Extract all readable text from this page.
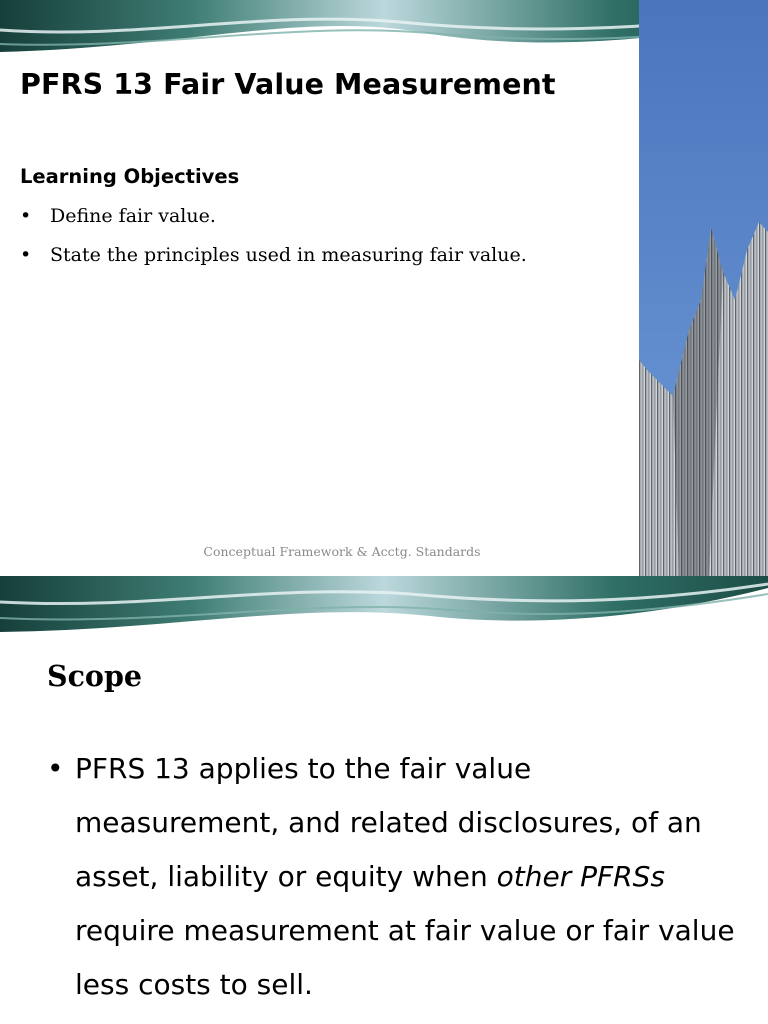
PFRS 13 Fair Value Measurement
Learning Objectives
• Define fair value.
• State the principles used in measuring fair value.
Conceptual Framework & Acctg. Standards
Scope
• PFRS 13 applies to the fair value measurement, and related disclosures, of an asset, liability or equity when other PFRSs require measurement at fair value or fair value less costs to sell.
